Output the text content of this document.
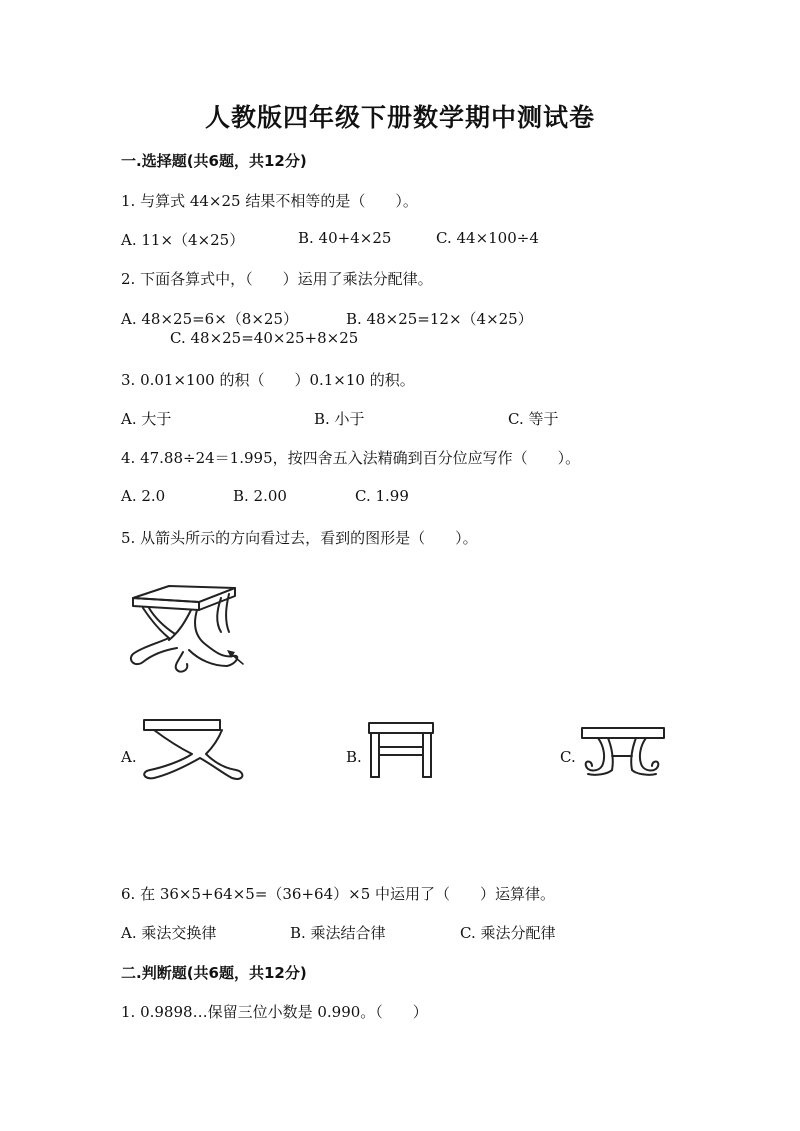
人教版四年级下册数学期中测试卷
一.选择题(共6题，共12分)
1. 与算式 44×25 结果不相等的是（　　）。
A. 11×（4×25）	B. 40+4×25	C. 44×100÷4
2. 下面各算式中，（　　）运用了乘法分配律。
A. 48×25=6×（8×25）	B. 48×25=12×（4×25）
C. 48×25=40×25+8×25
3. 0.01×100 的积（　　）0.1×10 的积。
A. 大于	B. 小于	C. 等于
4. 47.88÷24＝1.995，按四舍五入法精确到百分位应写作（　　）。
A. 2.0	B. 2.00	C. 1.99
5. 从箭头所示的方向看过去，看到的图形是（　　）。
A.	B.	C.
6. 在 36×5+64×5=（36+64）×5 中运用了（　　）运算律。
A. 乘法交换律	B. 乘法结合律	C. 乘法分配律
二.判断题(共6题，共12分)
1. 0.9898…保留三位小数是 0.990。（　　）
